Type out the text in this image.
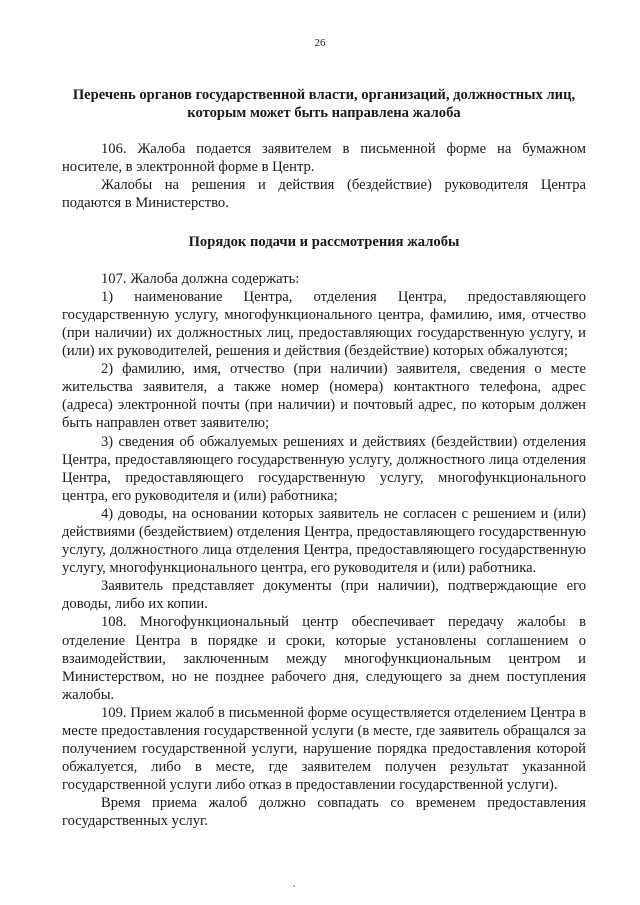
26
Перечень органов государственной власти, организаций, должностных лиц, которым может быть направлена жалоба

106. Жалоба подается заявителем в письменной форме на бумажном носителе, в электронной форме в Центр.

Жалобы на решения и действия (бездействие) руководителя Центра подаются в Министерство.

Порядок подачи и рассмотрения жалобы

107. Жалоба должна содержать:

1) наименование Центра, отделения Центра, предоставляющего государственную услугу, многофункционального центра, фамилию, имя, отчество (при наличии) их должностных лиц, предоставляющих государственную услугу, и (или) их руководителей, решения и действия (бездействие) которых обжалуются;

2) фамилию, имя, отчество (при наличии) заявителя, сведения о месте жительства заявителя, а также номер (номера) контактного телефона, адрес (адреса) электронной почты (при наличии) и почтовый адрес, по которым должен быть направлен ответ заявителю;

3) сведения об обжалуемых решениях и действиях (бездействии) отделения Центра, предоставляющего государственную услугу, должностного лица отделения Центра, предоставляющего государственную услугу, многофункционального центра, его руководителя и (или) работника;

4) доводы, на основании которых заявитель не согласен с решением и (или) действиями (бездействием) отделения Центра, предоставляющего государственную услугу, должностного лица отделения Центра, предоставляющего государственную услугу, многофункционального центра, его руководителя и (или) работника.

Заявитель представляет документы (при наличии), подтверждающие его доводы, либо их копии.

108. Многофункциональный центр обеспечивает передачу жалобы в отделение Центра в порядке и сроки, которые установлены соглашением о взаимодействии, заключенным между многофункциональным центром и Министерством, но не позднее рабочего дня, следующего за днем поступления жалобы.

109. Прием жалоб в письменной форме осуществляется отделением Центра в месте предоставления государственной услуги (в месте, где заявитель обращался за получением государственной услуги, нарушение порядка предоставления которой обжалуется, либо в месте, где заявителем получен результат указанной государственной услуги либо отказ в предоставлении государственной услуги).

Время приема жалоб должно совпадать со временем предоставления государственных услуг.
